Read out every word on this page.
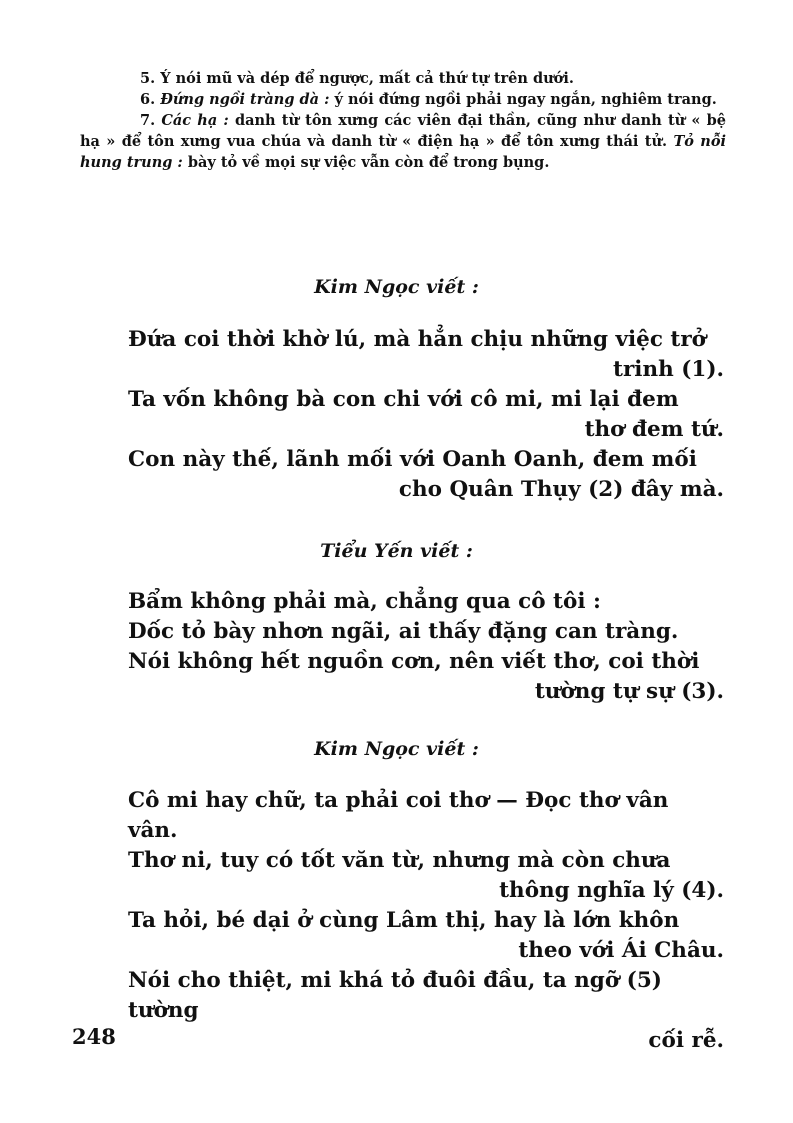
5. Ý nói mũ và dép để ngược, mất cả thứ tự trên dưới.

6. Đứng ngồi tràng dà : ý nói đứng ngồi phải ngay ngắn, nghiêm trang.

7. Các hạ : danh từ tôn xưng các viên đại thần, cũng như danh từ « bệ hạ » để tôn xưng vua chúa và danh từ « điện hạ » để tôn xưng thái tử. Tỏ nỗi hung trung : bày tỏ về mọi sự việc vẫn còn để trong bụng.

Kim Ngọc viết :

Đứa coi thời khờ lú, mà hẳn chịu những việc trở
trinh (1).

Ta vốn không bà con chi với cô mi, mi lại đem
thơ đem tứ.

Con này thế, lãnh mối với Oanh Oanh, đem mối
cho Quân Thụy (2) đây mà.

Tiểu Yến viết :

Bẩm không phải mà, chẳng qua cô tôi :

Dốc tỏ bày nhơn ngãi, ai thấy đặng can tràng.

Nói không hết nguồn cơn, nên viết thơ, coi thời
tường tự sự (3).

Kim Ngọc viết :

Cô mi hay chữ, ta phải coi thơ — Đọc thơ vân vân.

Thơ ni, tuy có tốt văn từ, nhưng mà còn chưa
thông nghĩa lý (4).

Ta hỏi, bé dại ở cùng Lâm thị, hay là lớn khôn
theo với Ái Châu.

Nói cho thiệt, mi khá tỏ đuôi đầu, ta ngỡ (5) tường
cối rễ.

248
